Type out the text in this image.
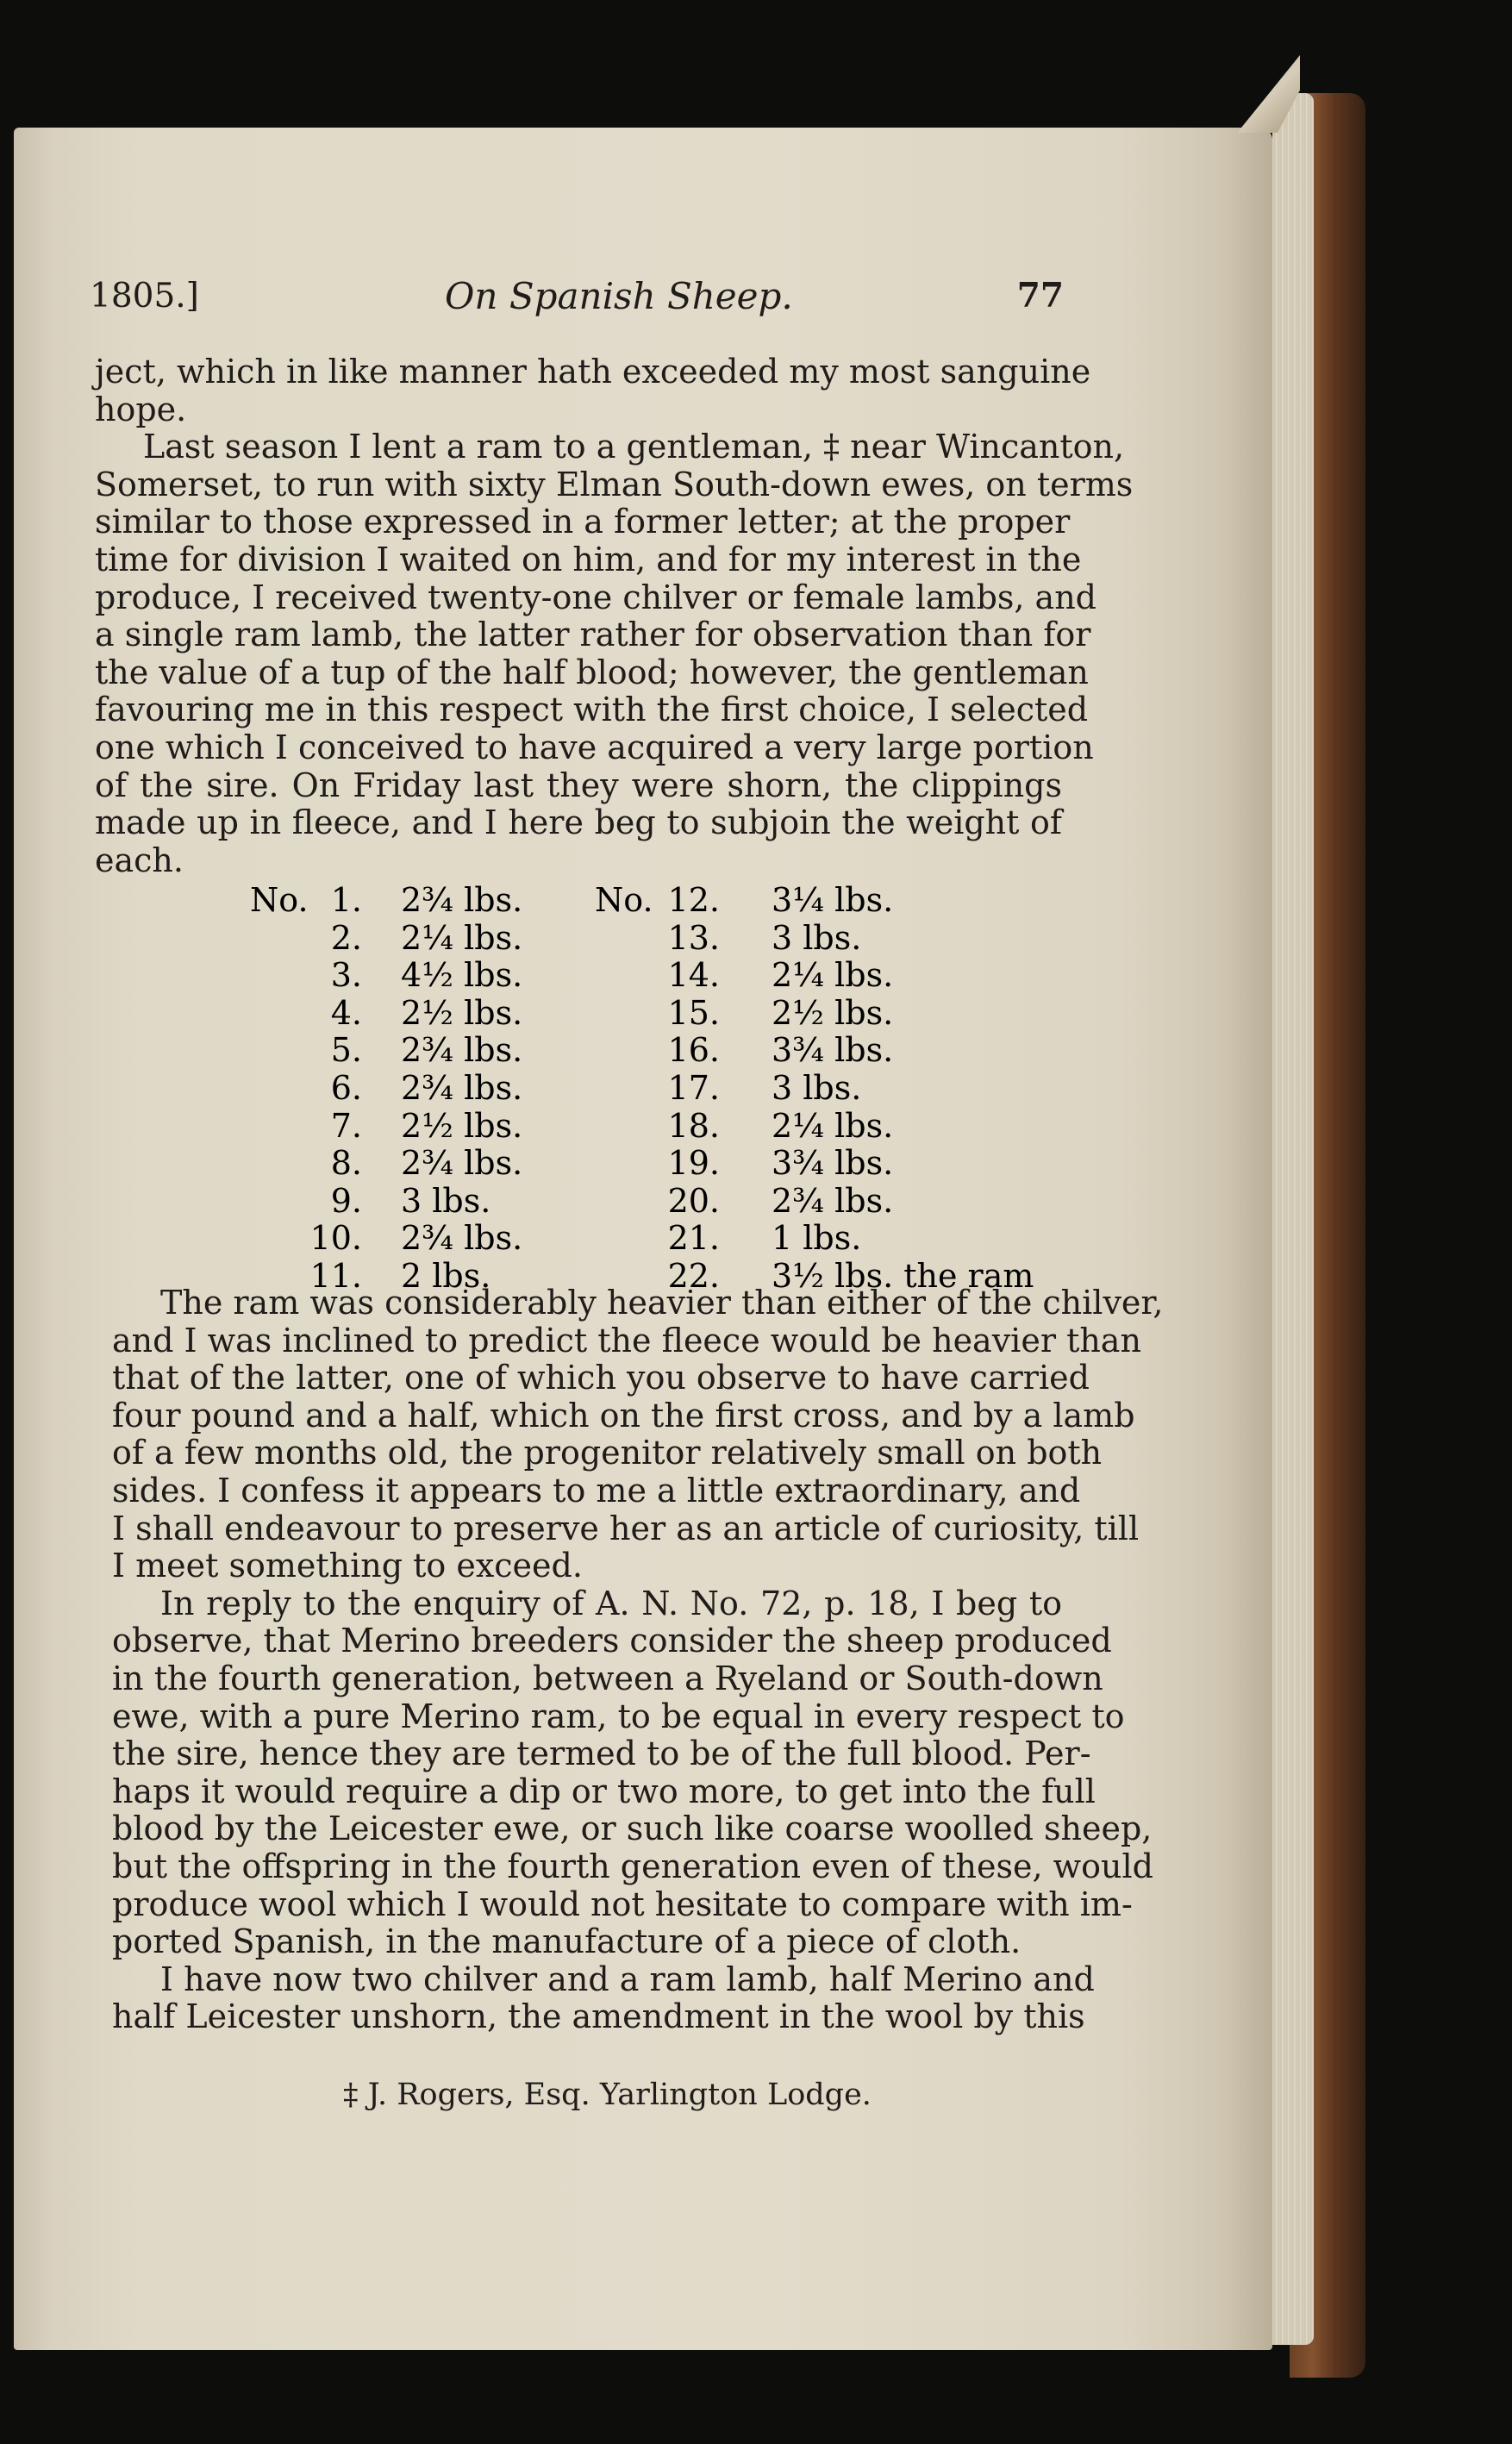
1805.]	On Spanish Sheep.	77
ject, which in like manner hath exceeded my most sanguine
hope.
Last season I lent a ram to a gentleman, ‡ near Wincanton,
Somerset, to run with sixty Elman South-down ewes, on terms
similar to those expressed in a former letter; at the proper
time for division I waited on him, and for my interest in the
produce, I received twenty-one chilver or female lambs, and
a single ram lamb, the latter rather for observation than for
the value of a tup of the half blood; however, the gentleman
favouring me in this respect with the first choice, I selected
one which I conceived to have acquired a very large portion
of the sire. On Friday last they were shorn, the clippings
made up in fleece, and I here beg to subjoin the weight of
each.
No. 1. 2¾ lbs. No. 12. 3¼ lbs.
2. 2¼ lbs.	13. 3 lbs.
3. 4½ lbs.	14. 2¼ lbs.
4. 2½ lbs.	15. 2½ lbs.
5. 2¾ lbs.	16. 3¾ lbs.
6. 2¾ lbs.	17. 3 lbs.
7. 2½ lbs.	18. 2¼ lbs.
8. 2¾ lbs.	19. 3¾ lbs.
9. 3 lbs.	20. 2¾ lbs.
10. 2¾ lbs.	21. 1 lbs.
11. 2 lbs.	22. 3½ lbs. the ram
The ram was considerably heavier than either of the chilver,
and I was inclined to predict the fleece would be heavier than
that of the latter, one of which you observe to have carried
four pound and a half, which on the first cross, and by a lamb
of a few months old, the progenitor relatively small on both
sides. I confess it appears to me a little extraordinary, and
I shall endeavour to preserve her as an article of curiosity, till
I meet something to exceed.
In reply to the enquiry of A. N. No. 72, p. 18, I beg to
observe, that Merino breeders consider the sheep produced
in the fourth generation, between a Ryeland or South-down
ewe, with a pure Merino ram, to be equal in every respect to
the sire, hence they are termed to be of the full blood. Per-
haps it would require a dip or two more, to get into the full
blood by the Leicester ewe, or such like coarse woolled sheep,
but the offspring in the fourth generation even of these, would
produce wool which I would not hesitate to compare with im-
ported Spanish, in the manufacture of a piece of cloth.
I have now two chilver and a ram lamb, half Merino and
half Leicester unshorn, the amendment in the wool by this
‡ J. Rogers, Esq. Yarlington Lodge.
